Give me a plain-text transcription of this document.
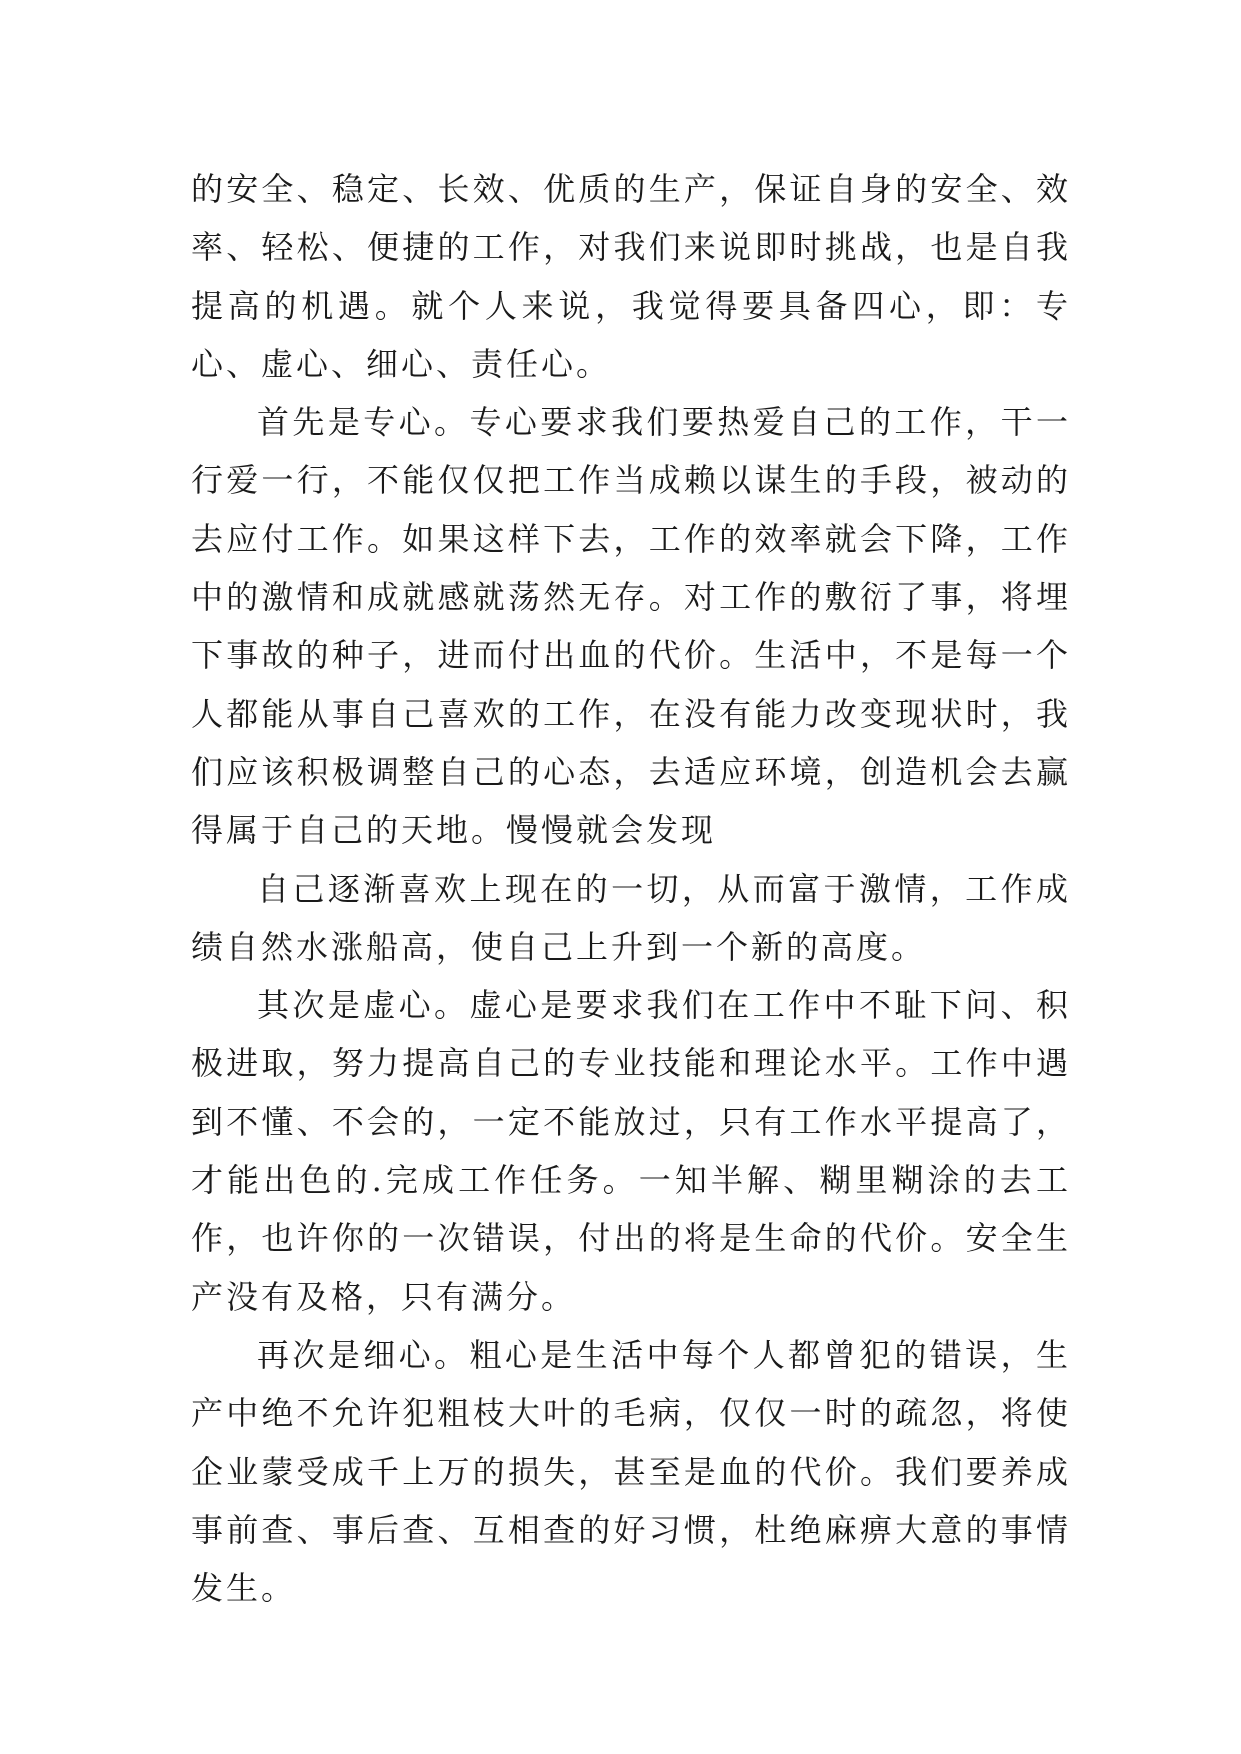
的安全、稳定、长效、优质的生产，保证自身的安全、效率、轻松、便捷的工作，对我们来说即时挑战，也是自我提高的机遇。就个人来说，我觉得要具备四心，即：专心、虚心、细心、责任心。

首先是专心。专心要求我们要热爱自己的工作，干一行爱一行，不能仅仅把工作当成赖以谋生的手段，被动的去应付工作。如果这样下去，工作的效率就会下降，工作中的激情和成就感就荡然无存。对工作的敷衍了事，将埋下事故的种子，进而付出血的代价。生活中，不是每一个人都能从事自己喜欢的工作，在没有能力改变现状时，我们应该积极调整自己的心态，去适应环境，创造机会去赢得属于自己的天地。慢慢就会发现

自己逐渐喜欢上现在的一切，从而富于激情，工作成绩自然水涨船高，使自己上升到一个新的高度。

其次是虚心。虚心是要求我们在工作中不耻下问、积极进取，努力提高自己的专业技能和理论水平。工作中遇到不懂、不会的，一定不能放过，只有工作水平提高了，才能出色的.完成工作任务。一知半解、糊里糊涂的去工作，也许你的一次错误，付出的将是生命的代价。安全生产没有及格，只有满分。

再次是细心。粗心是生活中每个人都曾犯的错误，生产中绝不允许犯粗枝大叶的毛病，仅仅一时的疏忽，将使企业蒙受成千上万的损失，甚至是血的代价。我们要养成事前查、事后查、互相查的好习惯，杜绝麻痹大意的事情发生。
